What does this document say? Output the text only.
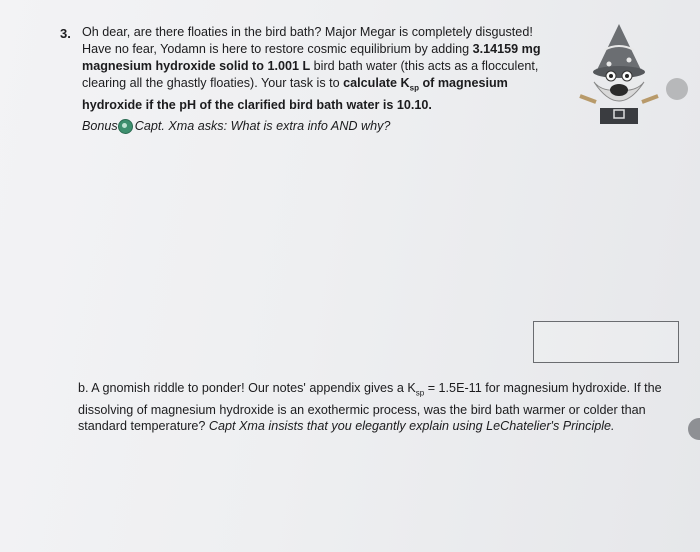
3. Oh dear, are there floaties in the bird bath? Major Megar is completely disgusted! Have no fear, Yodamn is here to restore cosmic equilibrium by adding 3.14159 mg magnesium hydroxide solid to 1.001 L bird bath water (this acts as a flocculent, clearing all the ghastly floaties). Your task is to calculate $K_{sp}$ of magnesium hydroxide if the pH of the clarified bird bath water is 10.10.
Bonus Capt. Xma asks: What is extra info AND why?
b. A gnomish riddle to ponder! Our notes' appendix gives a $K_{sp} = 1.5E-11$ for magnesium hydroxide. If the dissolving of magnesium hydroxide is an exothermic process, was the bird bath warmer or colder than standard temperature? Capt Xma insists that you elegantly explain using LeChatelier's Principle.
